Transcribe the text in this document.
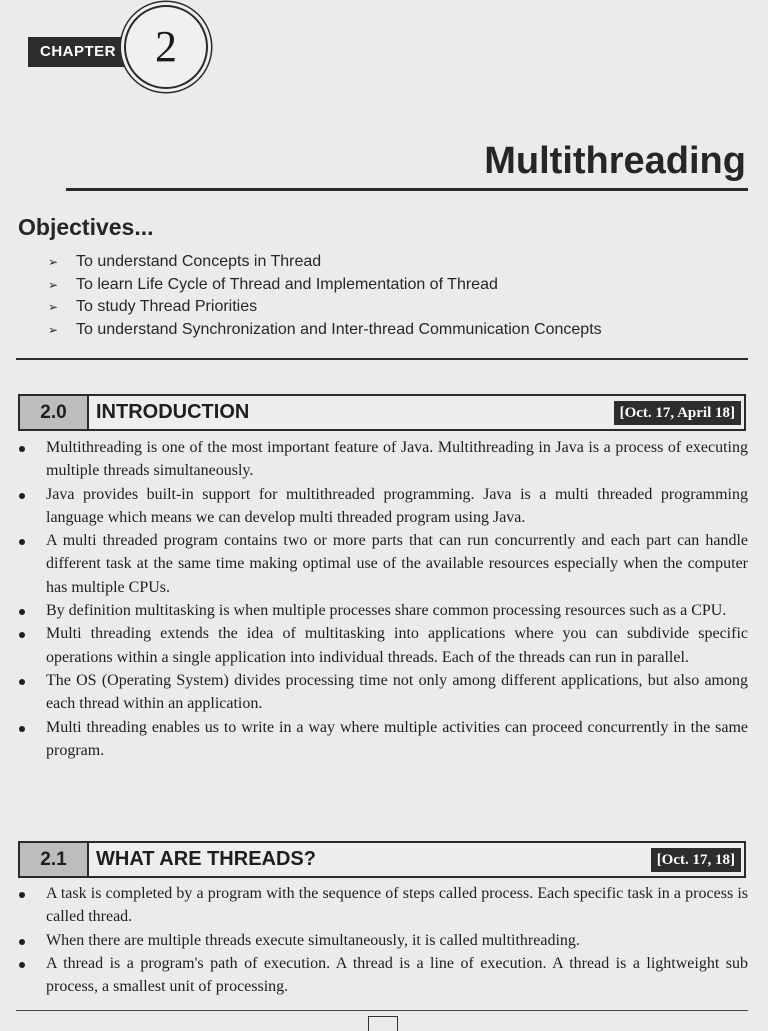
CHAPTER 2
Multithreading
Objectives...
➢ To understand Concepts in Thread
➢ To learn Life Cycle of Thread and Implementation of Thread
➢ To study Thread Priorities
➢ To understand Synchronization and Inter-thread Communication Concepts
2.0	INTRODUCTION	[Oct. 17, April 18]
Multithreading is one of the most important feature of Java. Multithreading in Java is a process of executing multiple threads simultaneously.
Java provides built-in support for multithreaded programming. Java is a multi threaded programming language which means we can develop multi threaded program using Java.
A multi threaded program contains two or more parts that can run concurrently and each part can handle different task at the same time making optimal use of the available resources especially when the computer has multiple CPUs.
By definition multitasking is when multiple processes share common processing resources such as a CPU.
Multi threading extends the idea of multitasking into applications where you can subdivide specific operations within a single application into individual threads. Each of the threads can run in parallel.
The OS (Operating System) divides processing time not only among different applications, but also among each thread within an application.
Multi threading enables us to write in a way where multiple activities can proceed concurrently in the same program.
2.1	WHAT ARE THREADS?	[Oct. 17, 18]
A task is completed by a program with the sequence of steps called process. Each specific task in a process is called thread.
When there are multiple threads execute simultaneously, it is called multithreading.
A thread is a program's path of execution. A thread is a line of execution. A thread is a lightweight sub process, a smallest unit of processing.
